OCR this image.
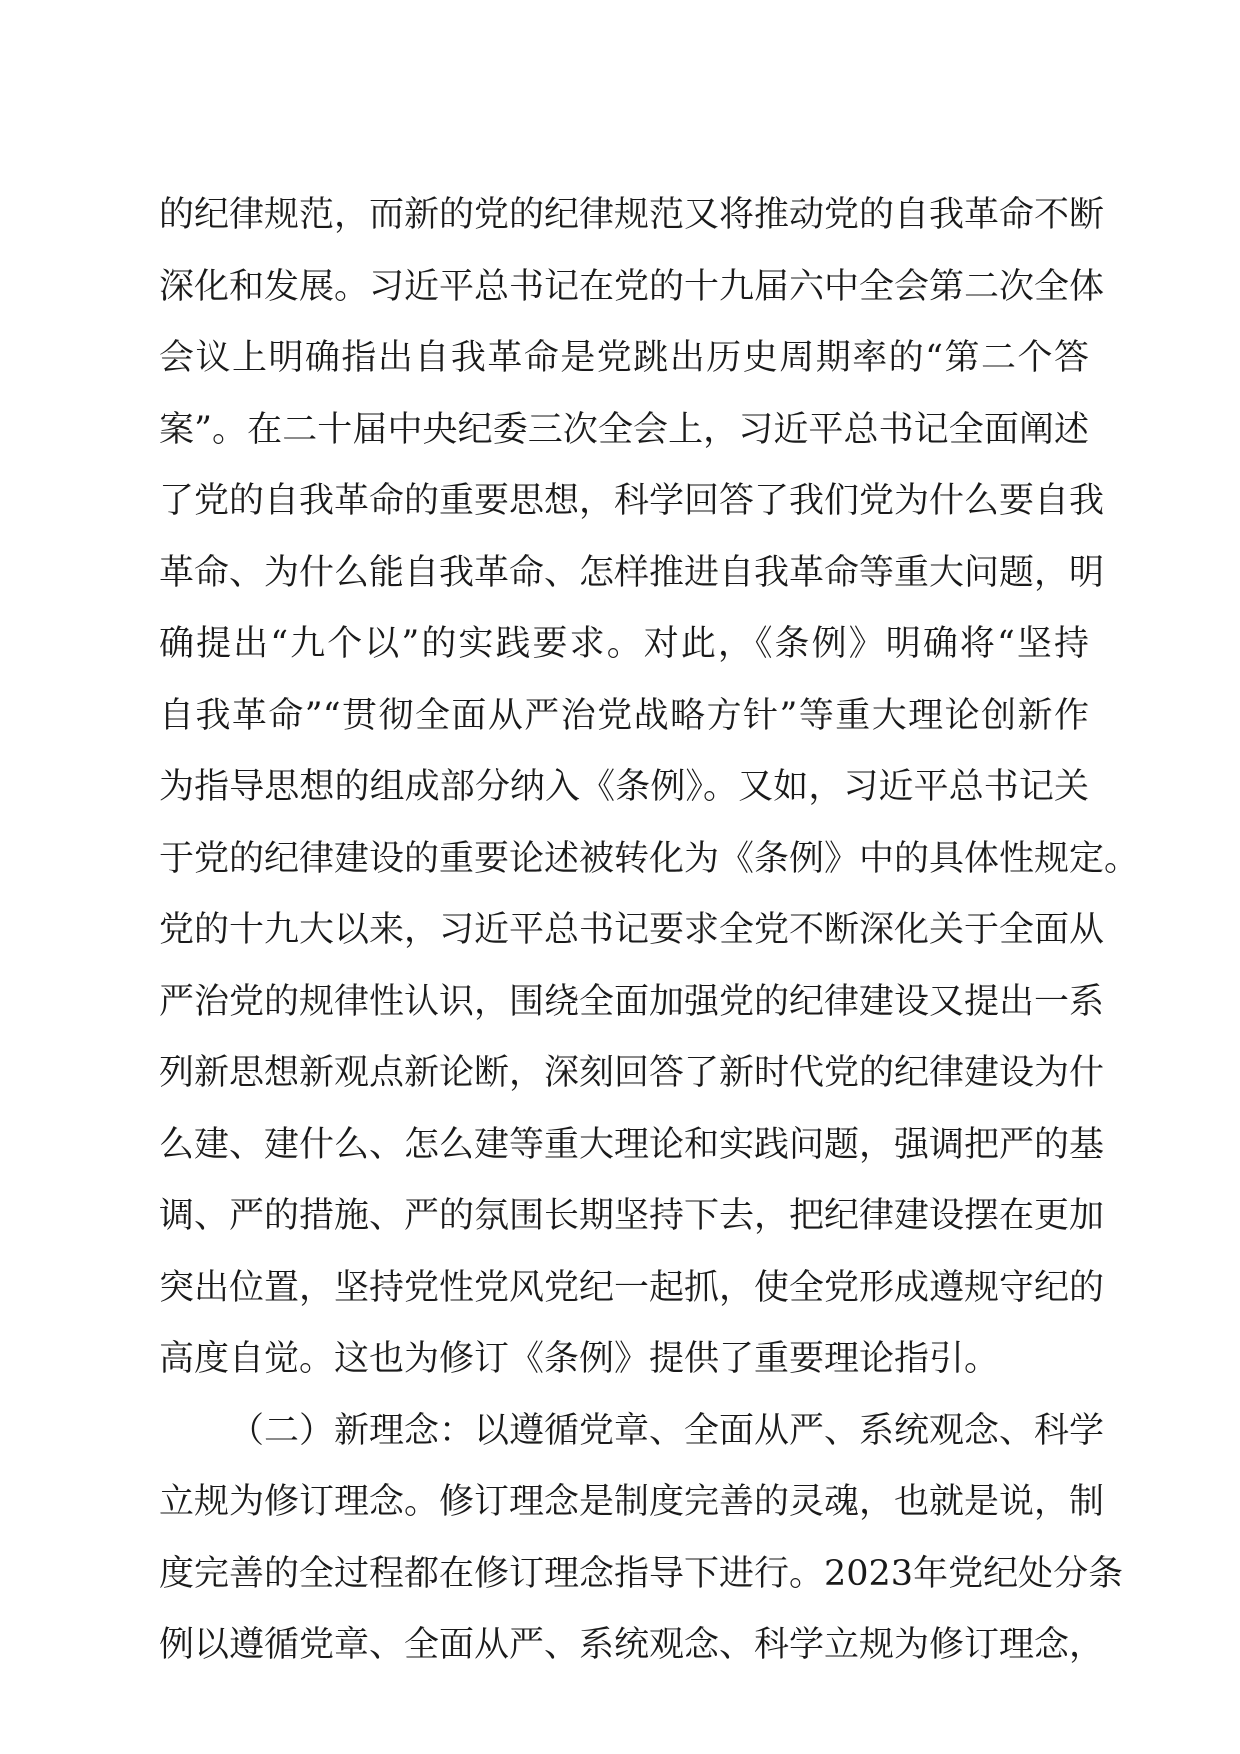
的纪律规范，而新的党的纪律规范又将推动党的自我革命不断
深化和发展。习近平总书记在党的十九届六中全会第二次全体
会议上明确指出自我革命是党跳出历史周期率的“第二个答
案”。在二十届中央纪委三次全会上，习近平总书记全面阐述
了党的自我革命的重要思想，科学回答了我们党为什么要自我
革命、为什么能自我革命、怎样推进自我革命等重大问题，明
确提出“九个以”的实践要求。对此，《条例》明确将“坚持
自我革命”“贯彻全面从严治党战略方针”等重大理论创新作
为指导思想的组成部分纳入《条例》。又如，习近平总书记关
于党的纪律建设的重要论述被转化为《条例》中的具体性规定。
党的十九大以来，习近平总书记要求全党不断深化关于全面从
严治党的规律性认识，围绕全面加强党的纪律建设又提出一系
列新思想新观点新论断，深刻回答了新时代党的纪律建设为什
么建、建什么、怎么建等重大理论和实践问题，强调把严的基
调、严的措施、严的氛围长期坚持下去，把纪律建设摆在更加
突出位置，坚持党性党风党纪一起抓，使全党形成遵规守纪的
高度自觉。这也为修订《条例》提供了重要理论指引。
（二）新理念：以遵循党章、全面从严、系统观念、科学
立规为修订理念。修订理念是制度完善的灵魂，也就是说，制
度完善的全过程都在修订理念指导下进行。2023年党纪处分条
例以遵循党章、全面从严、系统观念、科学立规为修订理念，
